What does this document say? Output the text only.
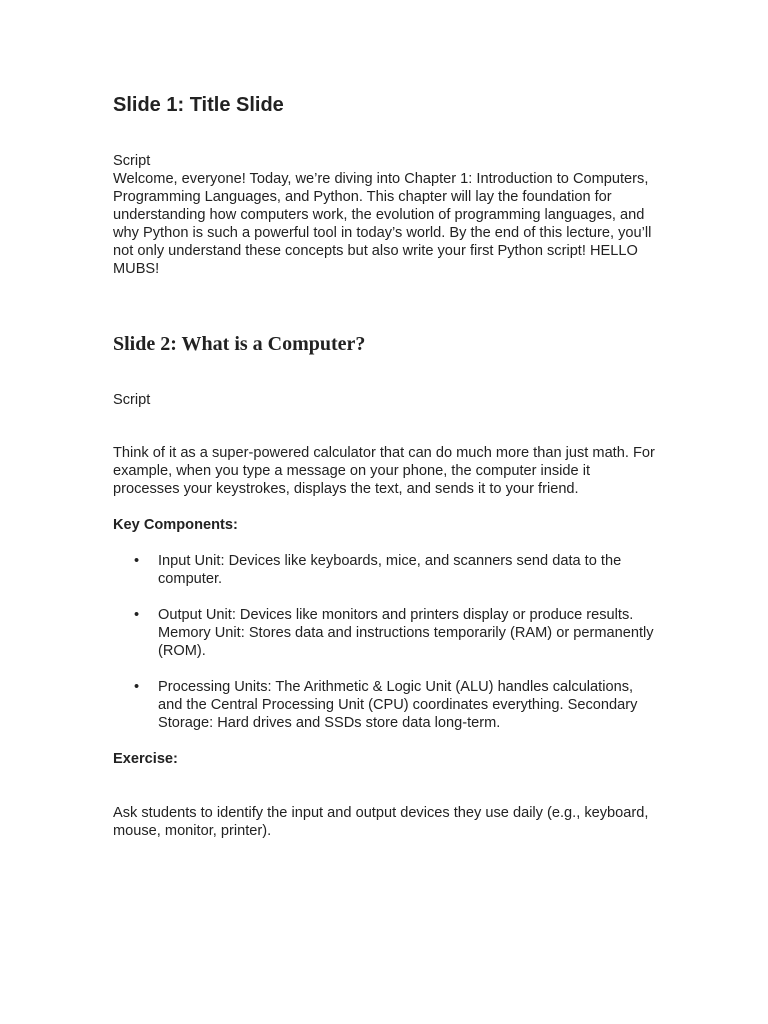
Slide 1: Title Slide

Script

Welcome, everyone! Today, we’re diving into Chapter 1: Introduction to Computers, Programming Languages, and Python. This chapter will lay the foundation for understanding how computers work, the evolution of programming languages, and why Python is such a powerful tool in today’s world. By the end of this lecture, you’ll not only understand these concepts but also write your first Python script! HELLO MUBS!

Slide 2: What is a Computer?

Script

Think of it as a super-powered calculator that can do much more than just math. For example, when you type a message on your phone, the computer inside it processes your keystrokes, displays the text, and sends it to your friend.

Key Components:

• Input Unit: Devices like keyboards, mice, and scanners send data to the computer.
• Output Unit: Devices like monitors and printers display or produce results. Memory Unit: Stores data and instructions temporarily (RAM) or permanently (ROM).
• Processing Units: The Arithmetic & Logic Unit (ALU) handles calculations, and the Central Processing Unit (CPU) coordinates everything. Secondary Storage: Hard drives and SSDs store data long-term.

Exercise:

Ask students to identify the input and output devices they use daily (e.g., keyboard, mouse, monitor, printer).
